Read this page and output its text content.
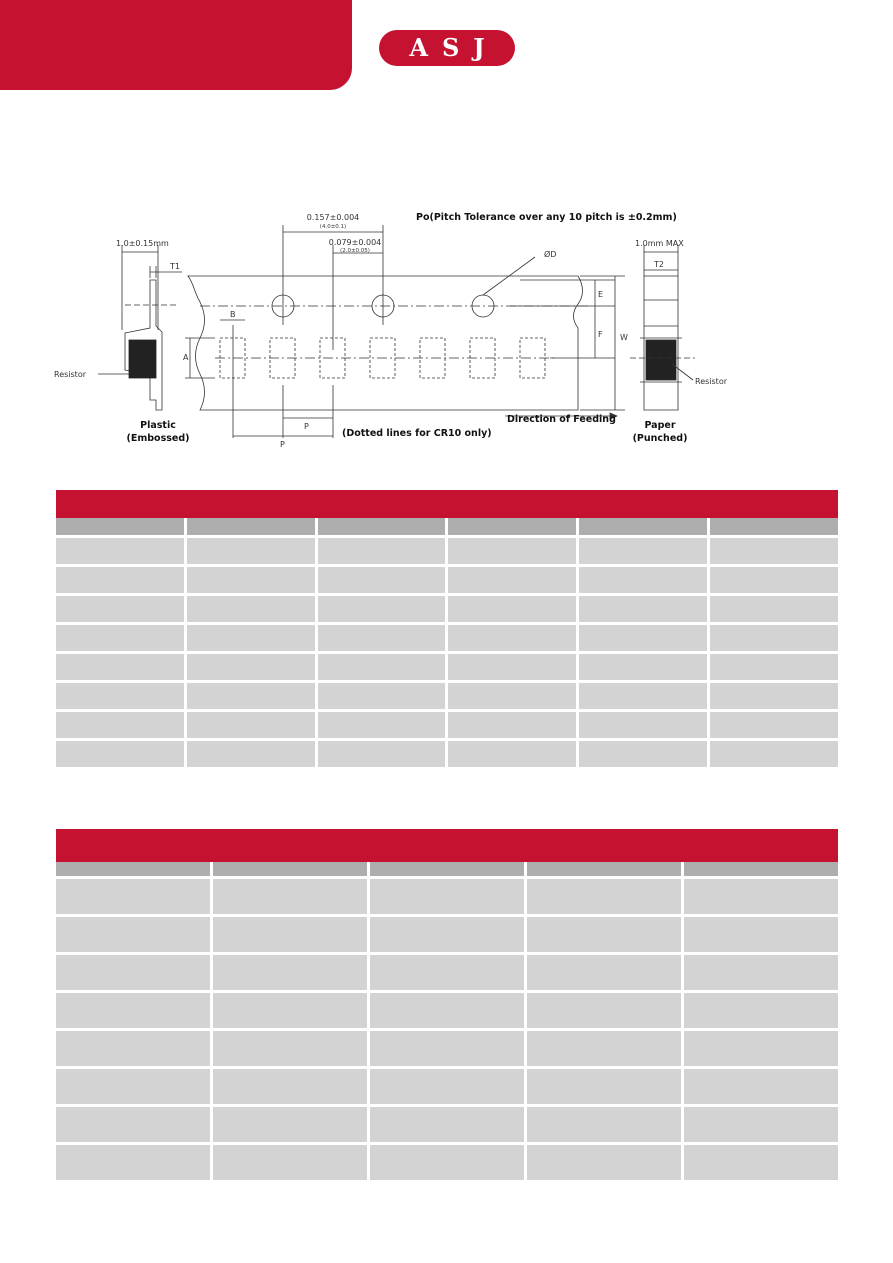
ASJ
1.0±0.15mm
T1
Resistor
Plastic
(Embossed)
0.157±0.004
(4.0±0.1)
0.079±0.004
(2.0±0.05)
Po(Pitch Tolerance over any 10 pitch is ±0.2mm)
ØD
B
A
E
F W
P
P
(Dotted lines for CR10 only)
Direction of Feeding
1.0mm MAX
T2
Resistor
Paper
(Punched)
